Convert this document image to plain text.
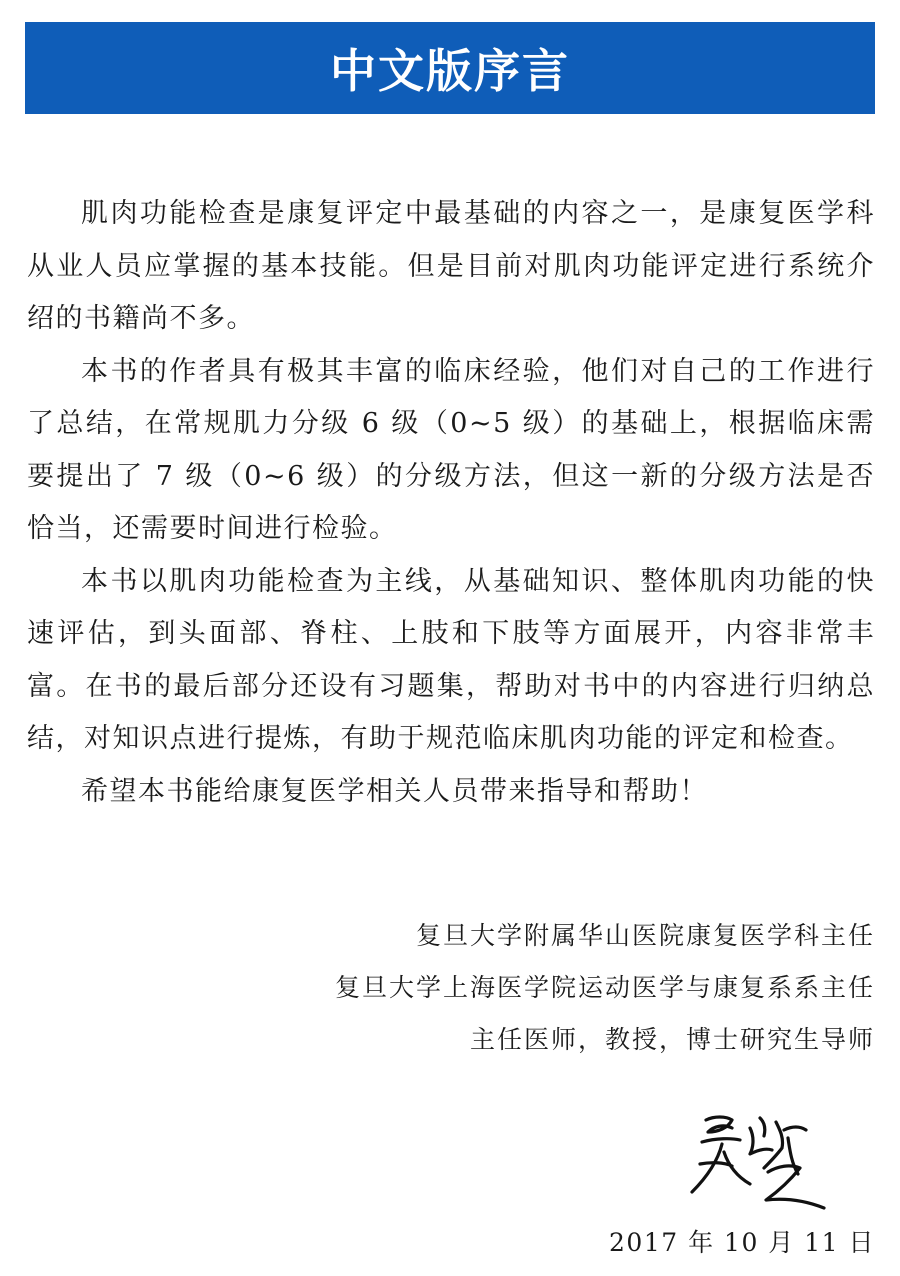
中文版序言

肌肉功能检查是康复评定中最基础的内容之一，是康复医学科从业人员应掌握的基本技能。但是目前对肌肉功能评定进行系统介绍的书籍尚不多。

本书的作者具有极其丰富的临床经验，他们对自己的工作进行了总结，在常规肌力分级 6 级（0~5 级）的基础上，根据临床需要提出了 7 级（0~6 级）的分级方法，但这一新的分级方法是否恰当，还需要时间进行检验。

本书以肌肉功能检查为主线，从基础知识、整体肌肉功能的快速评估，到头面部、脊柱、上肢和下肢等方面展开，内容非常丰富。在书的最后部分还设有习题集，帮助对书中的内容进行归纳总结，对知识点进行提炼，有助于规范临床肌肉功能的评定和检查。

希望本书能给康复医学相关人员带来指导和帮助！

复旦大学附属华山医院康复医学科主任
复旦大学上海医学院运动医学与康复系系主任
主任医师，教授，博士研究生导师
2017 年 10 月 11 日
